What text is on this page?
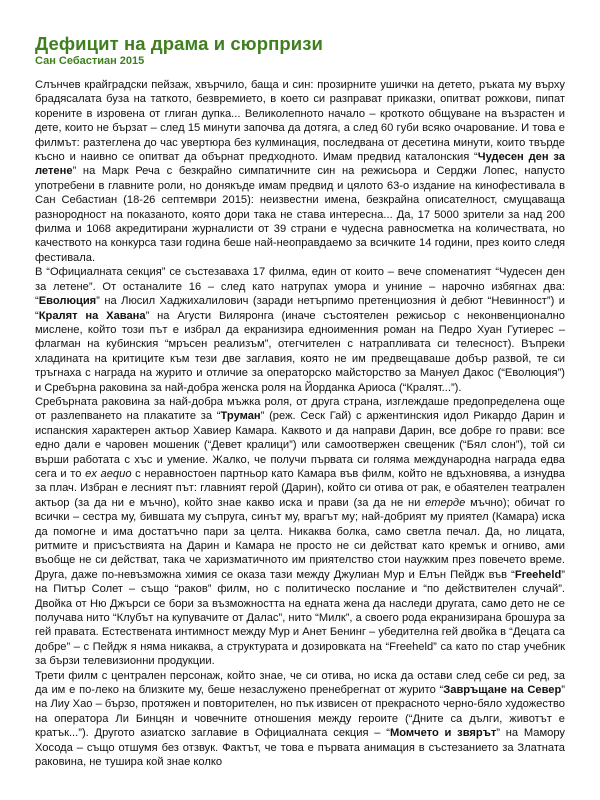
Дефицит на драма и сюрпризи
Сан Себастиан 2015

Слънчев крайградски пейзаж, хвърчило, баща и син: прозирните ушички на детето, ръката му върху брадясалата буза на таткото, безвремието, в което си разправат приказки, опитват рожкови, пипат корените в изровена от глиган дупка... Великолепното начало – кроткото общуване на възрастен и дете, които не бързат – след 15 минути започва да дотяга, а след 60 губи всяко очарование. И това е филмът: разтеглена до час увертюра без кулминация, последвана от десетина минути, които твърде късно и наивно се опитват да обърнат предходното. Имам предвид каталонския “Чудесен ден за летене” на Марк Реча с безкрайно симпатичните син на режисьора и Серджи Лопес, напусто употребени в главните роли, но донякъде имам предвид и цялото 63-о издание на кинофестивала в Сан Себастиан (18-26 септември 2015): неизвестни имена, безкрайна описателност, смущаваща разнородност на показаното, която дори така не става интересна... Да, 17 5000 зрители за над 200 филма и 1068 акредитирани журналисти от 39 страни е чудесна равносметка на количествата, но качеството на конкурса тази година беше най-неоправдаемо за всичките 14 години, през които следя фестивала.

В “Официалната секция” се състезаваха 17 филма, един от които – вече споменатият “Чудесен ден за летене”. От останалите 16 – след като натрупах умора и униние – нарочно избягнах два: “Еволюция” на Люсил Хаджихалилович (заради нетърпимо претенциозния ѝ дебют “Невинност”) и “Кралят на Хавана” на Агусти Виляронга (иначе състоятелен режисьор с неконвенционално мислене, който този път е избрал да екранизира едноименния роман на Педро Хуан Гутиерес – флагман на кубинския “мръсен реализъм”, отегчителен с натрапливата си телесност). Въпреки хладината на критиците към тези две заглавия, която не им предвещаваше добър развой, те си тръгнаха с награда на журито и отличие за операторско майсторство за Мануел Дакос (“Еволюция”) и Сребърна раковина за най-добра женска роля на Йорданка Ариоса (“Кралят...”).

Сребърната раковина за най-добра мъжка роля, от друга страна, изглеждаше предопределена още от разлепването на плакатите за “Труман” (реж. Сеск Гай) с аржентинския идол Рикардо Дарин и испанския характерен актьор Хавиер Камара. Каквото и да направи Дарин, все добре го прави: все едно дали е чаровен мошеник (“Девет кралици”) или самоотвержен свещеник (“Бял слон”), той си върши работата с хъс и умение. Жалко, че получи първата си голяма международна награда едва сега и то ex aequo с неравностоен партньор като Камара във филм, който не вдъхновява, а изнудва за плач. Избран е лесният път: главният герой (Дарин), който си отива от рак, е обаятелен театрален актьор (за да ни е мъчно), който знае какво иска и прави (за да не ни етерде мъчно); обичат го всички – сестра му, бившата му съпруга, синът му, врагът му; най-добрият му приятел (Камара) иска да помогне и има достатъчно пари за целта. Никаква болка, само светла печал. Да, но лицата, ритмите и присъствията на Дарин и Камара не просто не си действат като кремък и огниво, ами въобще не си действат, така че харизматичното им приятелство стои наужким през повечето време. Друга, даже по-невъзможна химия се оказа тази между Джулиан Мур и Елън Пейдж във “Freeheld” на Питър Солет – също “раков” филм, но с политическо послание и “по действителен случай”. Двойка от Ню Джърси се бори за възможността на едната жена да наследи другата, само дето не се получава нито “Клубът на купувачите от Далас”, нито “Милк”, а своего рода екранизирана брошура за гей правата. Естествената интимност между Мур и Анет Бенинг – убедителна гей двойка в “Децата са добре” – с Пейдж я няма никаква, а структурата и дозировката на “Freeheld” са като по стар учебник за бързи телевизионни продукции.

Трети филм с централен персонаж, който знае, че си отива, но иска да остави след себе си ред, за да им е по-леко на близките му, беше незаслужено пренебрегнат от журито “Завръщане на Север” на Лиу Хао – бързо, протяжен и повторителен, но пък извисен от прекрасното черно-бяло художество на оператора Ли Бинцян и човечните отношения между героите (“Дните са дълги, животът е кратък...”). Другото азиатско заглавие в Официалната секция – “Момчето и звярът” на Мамору Хосода – също отшумя без отзвук. Фактът, че това е първата анимация в състезанието за Златната раковина, не тушира кой знае колко
